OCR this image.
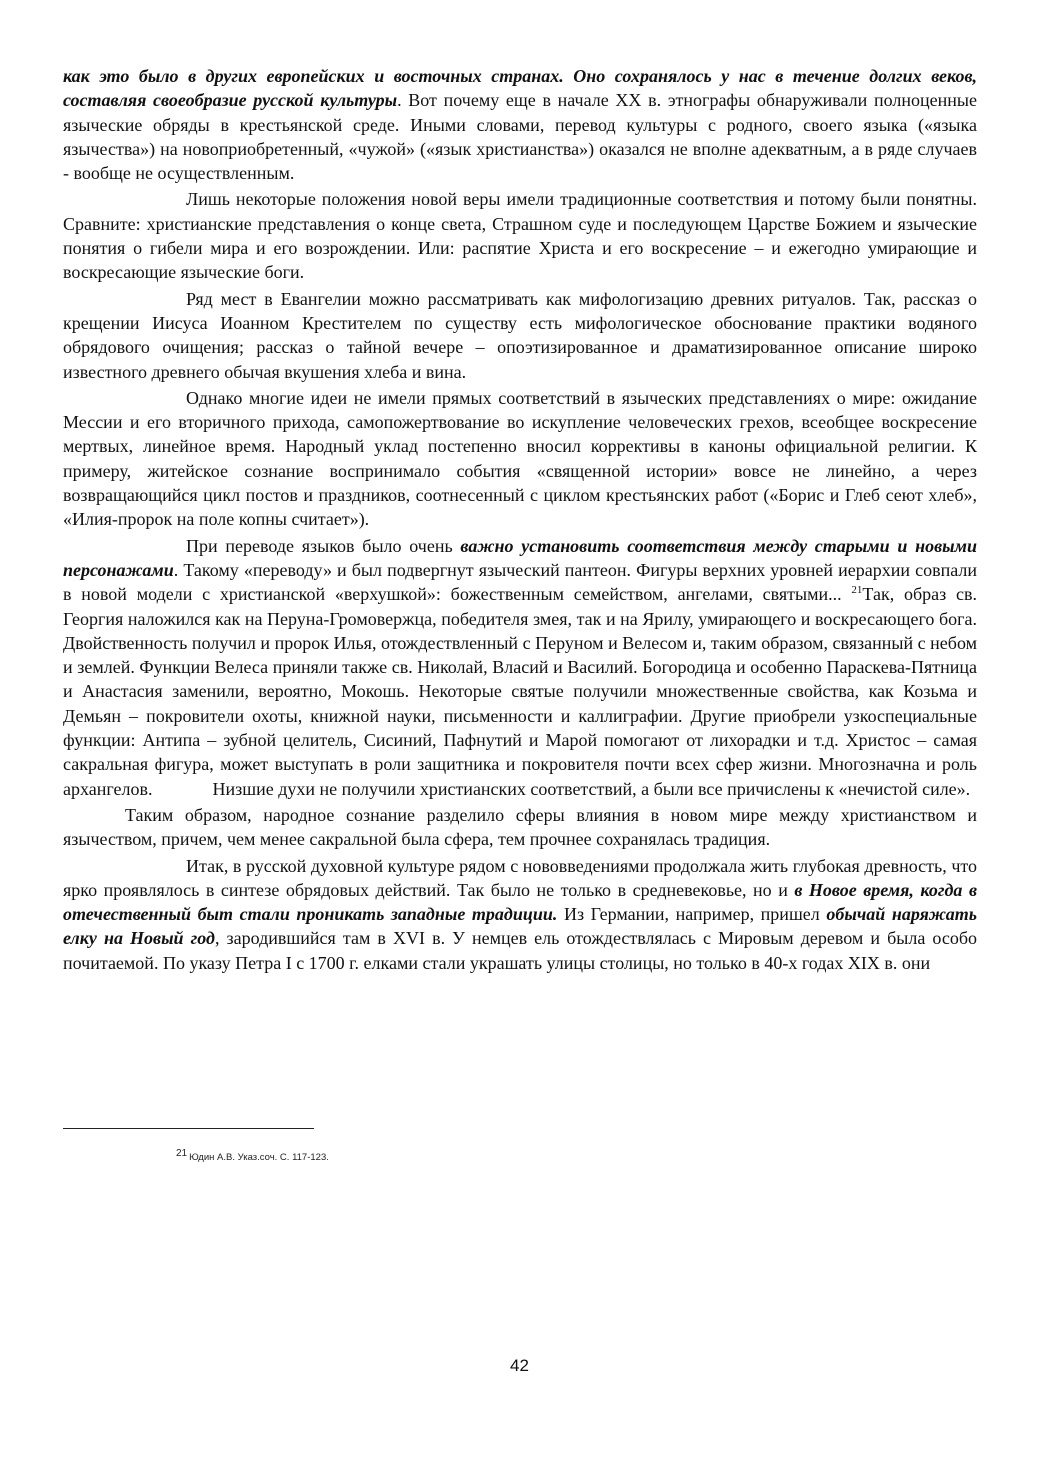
как это было в других европейских и восточных странах. Оно сохранялось у нас в течение долгих веков, составляя своеобразие русской культуры. Вот почему еще в начале XX в. этнографы обнаруживали полноценные языческие обряды в крестьянской среде. Иными словами, перевод культуры с родного, своего языка («языка язычества») на новоприобретенный, «чужой» («язык христианства») оказался не вполне адекватным, а в ряде случаев - вообще не осуществленным.

Лишь некоторые положения новой веры имели традиционные соответствия и потому были понятны. Сравните: христианские представления о конце света, Страшном суде и последующем Царстве Божием и языческие понятия о гибели мира и его возрождении. Или: распятие Христа и его воскресение – и ежегодно умирающие и воскресающие языческие боги.

Ряд мест в Евангелии можно рассматривать как мифологизацию древних ритуалов. Так, рассказ о крещении Иисуса Иоанном Крестителем по существу есть мифологическое обоснование практики водяного обрядового очищения; рассказ о тайной вечере – опоэтизированное и драматизированное описание широко известного древнего обычая вкушения хлеба и вина.

Однако многие идеи не имели прямых соответствий в языческих представлениях о мире: ожидание Мессии и его вторичного прихода, самопожертвование во искупление человеческих грехов, всеобщее воскресение мертвых, линейное время. Народный уклад постепенно вносил коррективы в каноны официальной религии. К примеру, житейское сознание воспринимало события «священной истории» вовсе не линейно, а через возвращающийся цикл постов и праздников, соотнесенный с циклом крестьянских работ («Борис и Глеб сеют хлеб», «Илия-пророк на поле копны считает»).

При переводе языков было очень важно установить соответствия между старыми и новыми персонажами. Такому «переводу» и был подвергнут языческий пантеон. Фигуры верхних уровней иерархии совпали в новой модели с христианской «верхушкой»: божественным семейством, ангелами, святыми... $^{21}$Так, образ св. Георгия наложился как на Перуна-Громовержца, победителя змея, так и на Ярилу, умирающего и воскресающего бога. Двойственность получил и пророк Илья, отождествленный с Перуном и Велесом и, таким образом, связанный с небом и землей. Функции Велеса приняли также св. Николай, Власий и Василий. Богородица и особенно Параскева-Пятница и Анастасия заменили, вероятно, Мокошь. Некоторые святые получили множественные свойства, как Козьма и Демьян – покровители охоты, книжной науки, письменности и каллиграфии. Другие приобрели узкоспециальные функции: Антипа – зубной целитель, Сисиний, Пафнутий и Марой помогают от лихорадки и т.д. Христос – самая сакральная фигура, может выступать в роли защитника и покровителя почти всех сфер жизни. Многозначна и роль архангелов.	Низшие духи не получили христианских соответствий, а были все причислены к «нечистой силе».

Таким образом, народное сознание разделило сферы влияния в новом мире между христианством и язычеством, причем, чем менее сакральной была сфера, тем прочнее сохранялась традиция.

Итак, в русской духовной культуре рядом с нововведениями продолжала жить глубокая древность, что ярко проявлялось в синтезе обрядовых действий. Так было не только в средневековье, но и в Новое время, когда в отечественный быт стали проникать западные традиции. Из Германии, например, пришел обычай наряжать елку на Новый год, зародившийся там в XVI в. У немцев ель отождествлялась с Мировым деревом и была особо почитаемой. По указу Петра I с 1700 г. елками стали украшать улицы столицы, но только в 40-х годах XIX в. они

21 Юдин А.В. Указ.соч. С. 117-123.
42
